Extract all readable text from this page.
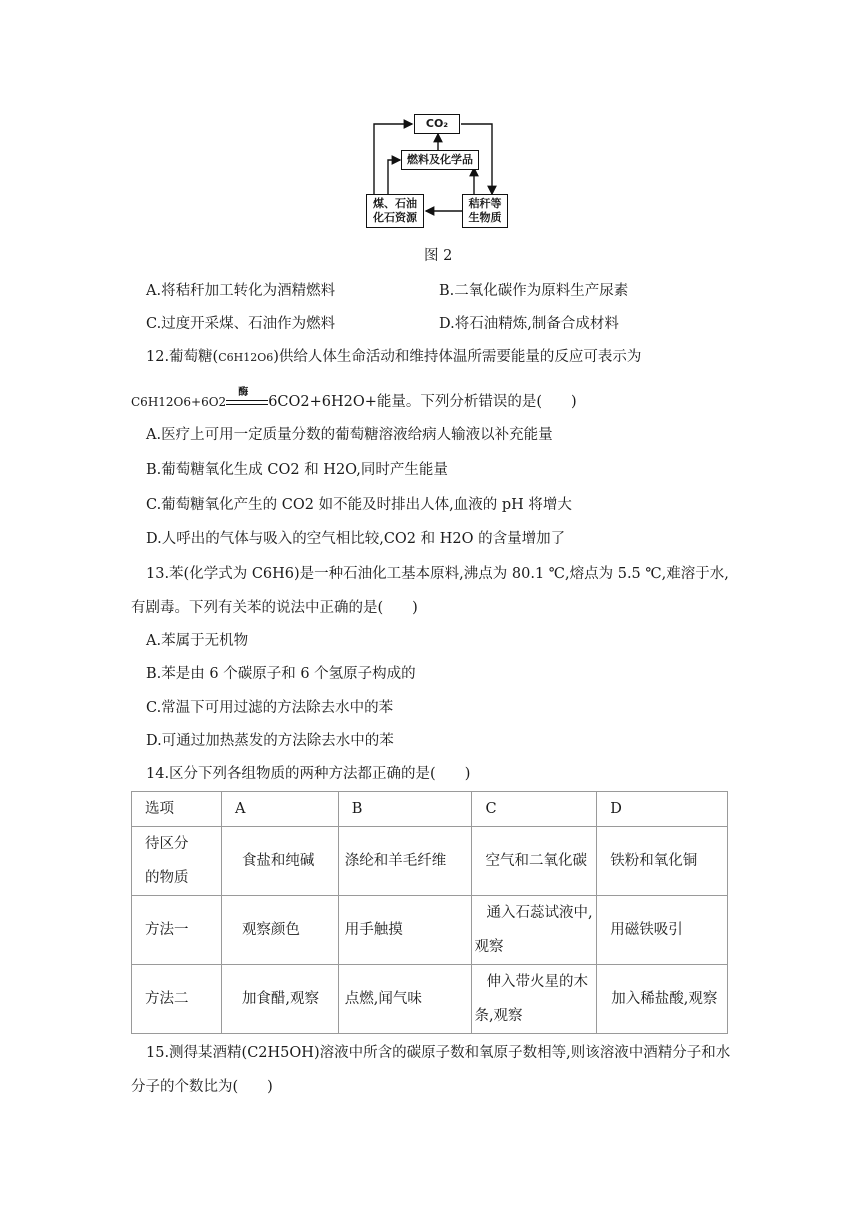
CO₂
燃料及化学品
煤、石油
化石资源
秸秆等
生物质
图 2
A.将秸秆加工转化为酒精燃料	B.二氧化碳作为原料生产尿素
C.过度开采煤、石油作为燃料	D.将石油精炼,制备合成材料
12.葡萄糖(C6H12O6)供给人体生命活动和维持体温所需要能量的反应可表示为
C6H12O6+6O2
酶
6CO2+6H2O+能量。下列分析错误的是(　　)
A.医疗上可用一定质量分数的葡萄糖溶液给病人输液以补充能量
B.葡萄糖氧化生成 CO2 和 H2O,同时产生能量
C.葡萄糖氧化产生的 CO2 如不能及时排出人体,血液的 pH 将增大
D.人呼出的气体与吸入的空气相比较,CO2 和 H2O 的含量增加了
13.苯(化学式为 C6H6)是一种石油化工基本原料,沸点为 80.1 ℃,熔点为 5.5 ℃,难溶于水,
有剧毒。下列有关苯的说法中正确的是(　　)
A.苯属于无机物
B.苯是由 6 个碳原子和 6 个氢原子构成的
C.常温下可用过滤的方法除去水中的苯
D.可通过加热蒸发的方法除去水中的苯
14.区分下列各组物质的两种方法都正确的是(　　)
选项	A	B	C	D

待区分的物质	食盐和纯碱	涤纶和羊毛纤维	空气和二氧化碳	铁粉和氧化铜
方法一	观察颜色	用手触摸	通入石蕊试液中,观察	用磁铁吸引
方法二	加食醋,观察	点燃,闻气味	伸入带火星的木条,观察	加入稀盐酸,观察
15.测得某酒精(C2H5OH)溶液中所含的碳原子数和氧原子数相等,则该溶液中酒精分子和水
分子的个数比为(　　)
